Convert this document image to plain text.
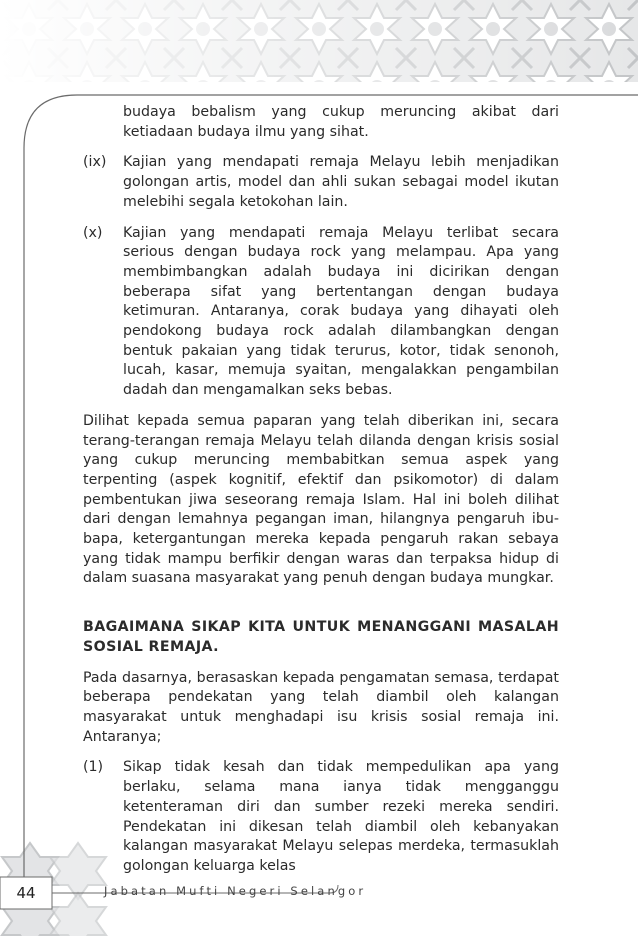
budaya bebalism yang cukup meruncing akibat dari ketiadaan budaya ilmu yang sihat.

(ix) Kajian yang mendapati remaja Melayu lebih menjadikan golongan artis, model dan ahli sukan sebagai model ikutan melebihi segala ketokohan lain.

(x) Kajian yang mendapati remaja Melayu terlibat secara serious dengan budaya rock yang melampau. Apa yang membimbangkan adalah budaya ini dicirikan dengan beberapa sifat yang bertentangan dengan budaya ketimuran. Antaranya, corak budaya yang dihayati oleh pendokong budaya rock adalah dilambangkan dengan bentuk pakaian yang tidak terurus, kotor, tidak senonoh, lucah, kasar, memuja syaitan, mengalakkan pengambilan dadah dan mengamalkan seks bebas.

Dilihat kepada semua paparan yang telah diberikan ini, secara terang-terangan remaja Melayu telah dilanda dengan krisis sosial yang cukup meruncing membabitkan semua aspek yang terpenting (aspek kognitif, efektif dan psikomotor) di dalam pembentukan jiwa seseorang remaja Islam. Hal ini boleh dilihat dari dengan lemahnya pegangan iman, hilangnya pengaruh ibu-bapa, ketergantungan mereka kepada pengaruh rakan sebaya yang tidak mampu berfikir dengan waras dan terpaksa hidup di dalam suasana masyarakat yang penuh dengan budaya mungkar.

BAGAIMANA SIKAP KITA UNTUK MENANGGANI MASALAH SOSIAL REMAJA.

Pada dasarnya, berasaskan kepada pengamatan semasa, terdapat beberapa pendekatan yang telah diambil oleh kalangan masyarakat untuk menghadapi isu krisis sosial remaja ini. Antaranya;

(1) Sikap tidak kesah dan tidak mempedulikan apa yang berlaku, selama mana ianya tidak mengganggu ketenteraman diri dan sumber rezeki mereka sendiri. Pendekatan ini dikesan telah diambil oleh kebanyakan kalangan masyarakat Melayu selepas merdeka, termasuklah golongan keluarga kelas

44	Jabatan Mufti Negeri Selangor
